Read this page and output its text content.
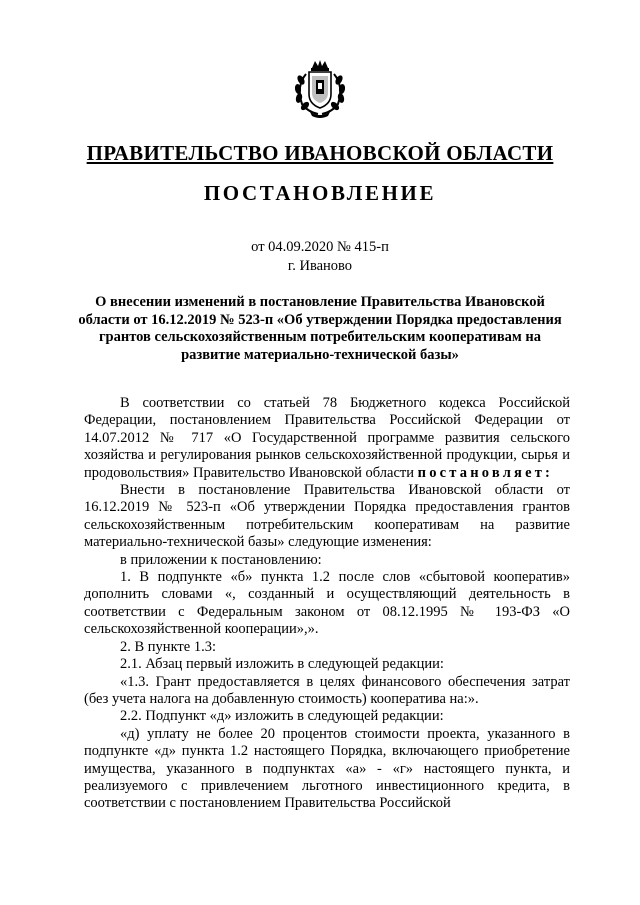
ПРАВИТЕЛЬСТВО ИВАНОВСКОЙ ОБЛАСТИ
ПОСТАНОВЛЕНИЕ
от 04.09.2020 № 415-п
г. Иваново
О внесении изменений в постановление Правительства Ивановской области от 16.12.2019 № 523-п «Об утверждении Порядка предоставления грантов сельскохозяйственным потребительским кооперативам на развитие материально-технической базы»

В соответствии со статьей 78 Бюджетного кодекса Российской Федерации, постановлением Правительства Российской Федерации от 14.07.2012 № 717 «О Государственной программе развития сельского хозяйства и регулирования рынков сельскохозяйственной продукции, сырья и продовольствия» Правительство Ивановской области постановляет:

Внести в постановление Правительства Ивановской области от 16.12.2019 № 523-п «Об утверждении Порядка предоставления грантов сельскохозяйственным потребительским кооперативам на развитие материально-технической базы» следующие изменения:

в приложении к постановлению:

1. В подпункте «б» пункта 1.2 после слов «сбытовой кооператив» дополнить словами «, созданный и осуществляющий деятельность в соответствии с Федеральным законом от 08.12.1995 № 193-ФЗ «О сельскохозяйственной кооперации»,».

2. В пункте 1.3:

2.1. Абзац первый изложить в следующей редакции:

«1.3. Грант предоставляется в целях финансового обеспечения затрат (без учета налога на добавленную стоимость) кооператива на:».

2.2. Подпункт «д» изложить в следующей редакции:

«д) уплату не более 20 процентов стоимости проекта, указанного в подпункте «д» пункта 1.2 настоящего Порядка, включающего приобретение имущества, указанного в подпунктах «а» - «г» настоящего пункта, и реализуемого с привлечением льготного инвестиционного кредита, в соответствии с постановлением Правительства Российской
